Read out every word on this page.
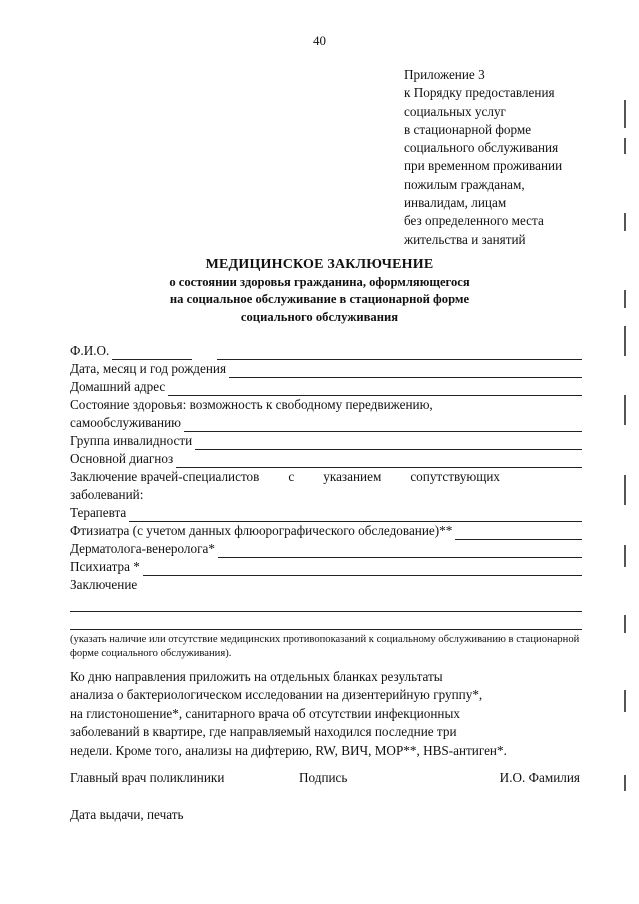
40
Приложение 3
к Порядку предоставления
социальных услуг
в стационарной форме
социального обслуживания
при временном проживании
пожилым гражданам,
инвалидам, лицам
без определенного места
жительства и занятий
МЕДИЦИНСКОЕ ЗАКЛЮЧЕНИЕ
о состоянии здоровья гражданина, оформляющегося
на социальное обслуживание в стационарной форме
социального обслуживания
Ф.И.О.
Дата, месяц и год рождения
Домашний адрес
Состояние здоровья: возможность к свободному передвижению,
самообслуживанию
Группа инвалидности
Основной диагноз
Заключение врачей-специалистов с указанием сопутствующих
заболеваний:
Терапевта
Фтизиатра (с учетом данных флюорографического обследование)**
Дерматолога-венеролога*
Психиатра *
Заключение
(указать наличие или отсутствие медицинских противопоказаний к социальному обслуживанию в стационарной форме социального обслуживания).
Ко дню направления приложить на отдельных бланках результаты
анализа о бактериологическом исследовании на дизентерийную группу*,
на глистоношение*, санитарного врача об отсутствии инфекционных
заболеваний в квартире, где направляемый находился последние три
недели. Кроме того, анализы на дифтерию, RW, ВИЧ, МОР**, HBS-антиген*.
Главный врач поликлиники	Подпись	И.О. Фамилия
Дата выдачи, печать
